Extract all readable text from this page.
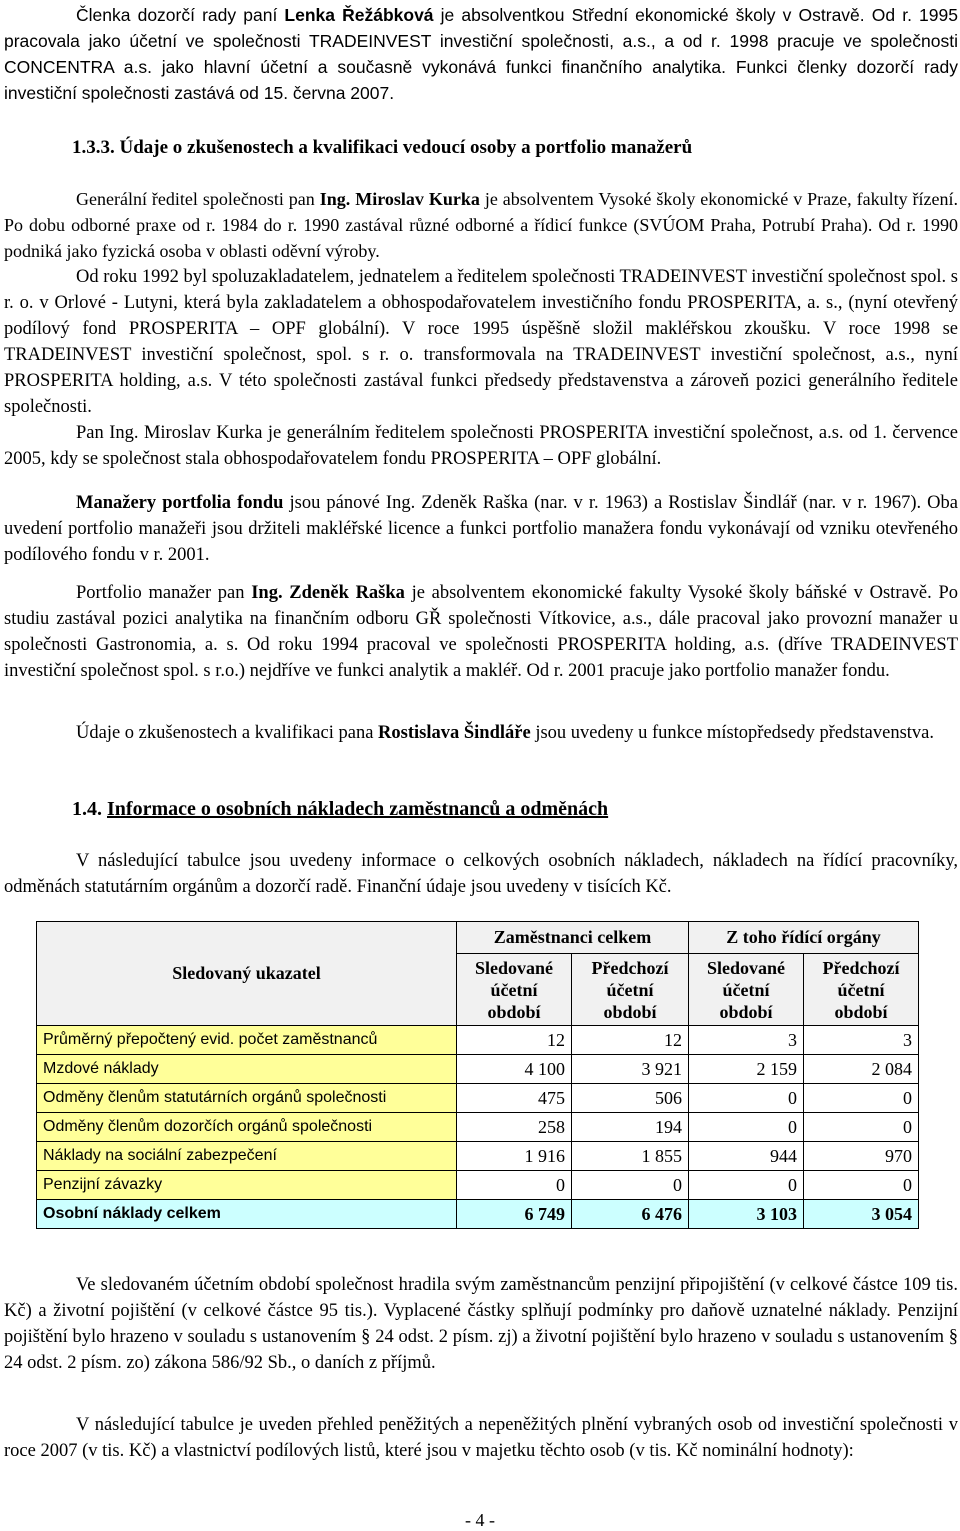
Členka dozorčí rady paní Lenka Řežábková je absolventkou Střední ekonomické školy v Ostravě. Od r. 1995 pracovala jako účetní ve společnosti TRADEINVEST investiční společnosti, a.s., a od r. 1998 pracuje ve společnosti CONCENTRA a.s. jako hlavní účetní a současně vykonává funkci finančního analytika. Funkci členky dozorčí rady investiční společnosti zastává od 15. června 2007.

1.3.3. Údaje o zkušenostech a kvalifikaci vedoucí osoby a portfolio manažerů

Generální ředitel společnosti pan Ing. Miroslav Kurka je absolventem Vysoké školy ekonomické v Praze, fakulty řízení. Po dobu odborné praxe od r. 1984 do r. 1990 zastával různé odborné a řídicí funkce (SVÚOM Praha, Potrubí Praha). Od r. 1990 podniká jako fyzická osoba v oblasti oděvní výroby.

Od roku 1992 byl spoluzakladatelem, jednatelem a ředitelem společnosti TRADEINVEST investiční společnost spol. s r. o. v Orlové - Lutyni, která byla zakladatelem a obhospodařovatelem investičního fondu PROSPERITA, a. s., (nyní otevřený podílový fond PROSPERITA – OPF globální). V roce 1995 úspěšně složil makléřskou zkoušku. V roce 1998 se TRADEINVEST investiční společnost, spol. s r. o. transformovala na TRADEINVEST investiční společnost, a.s., nyní PROSPERITA holding, a.s. V této společnosti zastával funkci předsedy představenstva a zároveň pozici generálního ředitele společnosti.

Pan Ing. Miroslav Kurka je generálním ředitelem společnosti PROSPERITA investiční společnost, a.s. od 1. července 2005, kdy se společnost stala obhospodařovatelem fondu PROSPERITA – OPF globální.

Manažery portfolia fondu jsou pánové Ing. Zdeněk Raška (nar. v r. 1963) a Rostislav Šindlář (nar. v r. 1967). Oba uvedení portfolio manažeři jsou držiteli makléřské licence a funkci portfolio manažera fondu vykonávají od vzniku otevřeného podílového fondu v r. 2001.

Portfolio manažer pan Ing. Zdeněk Raška je absolventem ekonomické fakulty Vysoké školy báňské v Ostravě. Po studiu zastával pozici analytika na finančním odboru GŘ společnosti Vítkovice, a.s., dále pracoval jako provozní manažer u společnosti Gastronomia, a. s. Od roku 1994 pracoval ve společnosti PROSPERITA holding, a.s. (dříve TRADEINVEST investiční společnost spol. s r.o.) nejdříve ve funkci analytik a makléř. Od r. 2001 pracuje jako portfolio manažer fondu.

Údaje o zkušenostech a kvalifikaci pana Rostislava Šindláře jsou uvedeny u funkce místopředsedy představenstva.

1.4. Informace o osobních nákladech zaměstnanců a odměnách

V následující tabulce jsou uvedeny informace o celkových osobních nákladech, nákladech na řídící pracovníky, odměnách statutárním orgánům a dozorčí radě. Finanční údaje jsou uvedeny v tisících Kč.

Sledovaný ukazatel	Zaměstnanci celkem		Z toho řídící orgány	
	Sledované účetní období	Předchozí účetní období	Sledované účetní období	Předchozí účetní období
Průměrný přepočtený evid. počet zaměstnanců	12	12	3	3
Mzdové náklady	4 100	3 921	2 159	2 084
Odměny členům statutárních orgánů společnosti	475	506	0	0
Odměny členům dozorčích orgánů společnosti	258	194	0	0
Náklady na sociální zabezpečení	1 916	1 855	944	970
Penzijní závazky	0	0	0	0
Osobní náklady celkem	6 749	6 476	3 103	3 054

Ve sledovaném účetním období společnost hradila svým zaměstnancům penzijní připojištění (v celkové částce 109 tis. Kč) a životní pojištění (v celkové částce 95 tis.). Vyplacené částky splňují podmínky pro daňově uznatelné náklady. Penzijní pojištění bylo hrazeno v souladu s ustanovením § 24 odst. 2 písm. zj) a životní pojištění bylo hrazeno v souladu s ustanovením § 24 odst. 2 písm. zo) zákona 586/92 Sb., o daních z příjmů.

V následující tabulce je uveden přehled peněžitých a nepeněžitých plnění vybraných osob od investiční společnosti v roce 2007 (v tis. Kč) a vlastnictví podílových listů, které jsou v majetku těchto osob (v tis. Kč nominální hodnoty):

- 4 -
